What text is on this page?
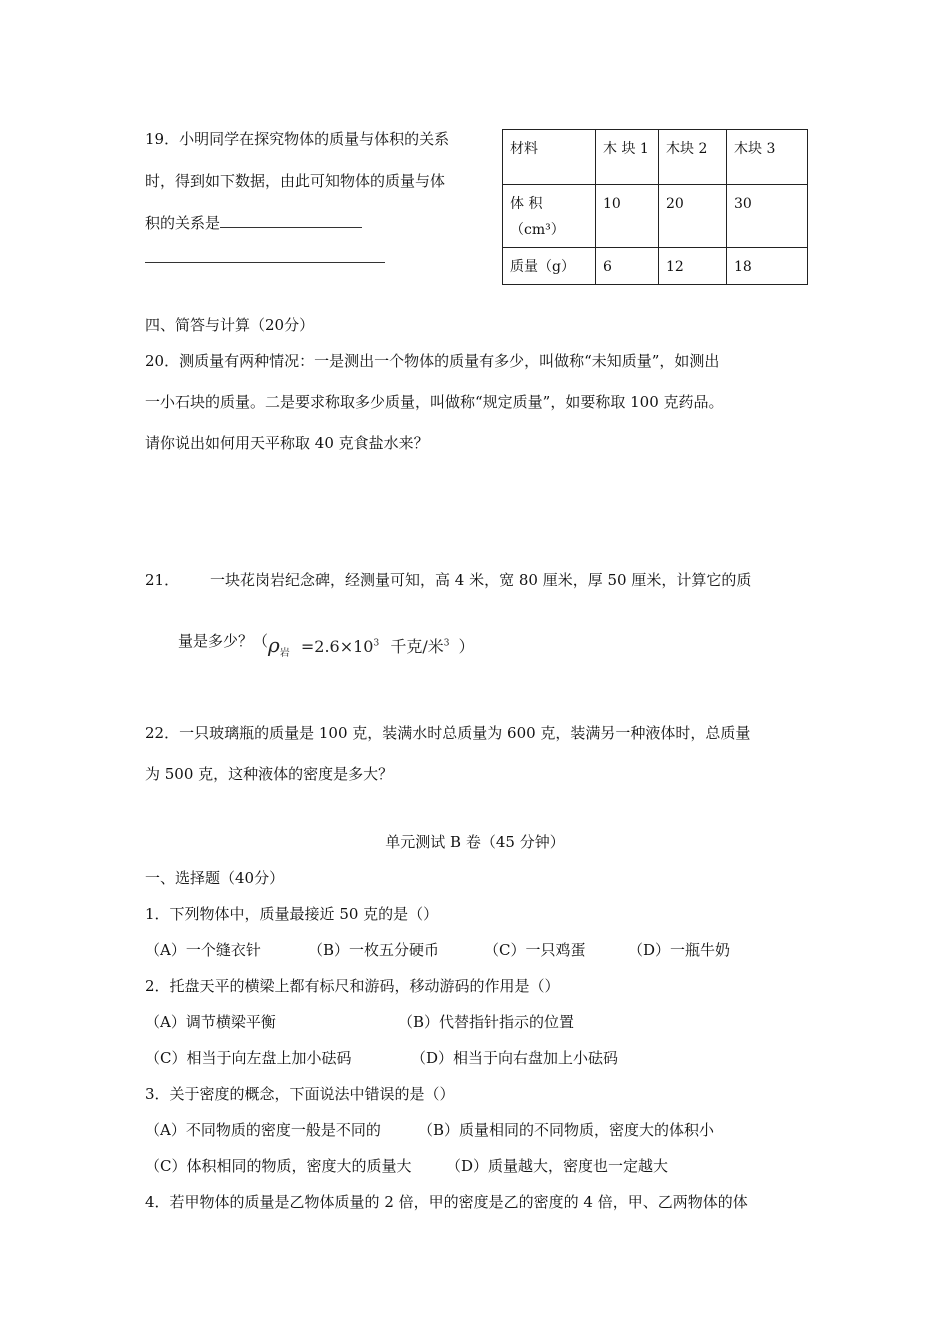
19．小明同学在探究物体的质量与体积的关系
时，得到如下数据，由此可知物体的质量与体
积的关系是
材料	木 块 1	木块 2	木块 3
体 积（cm³）	10	20	30
质量（g）	6	12	18
四、简答与计算（20分）
20．测质量有两种情况：一是测出一个物体的质量有多少，叫做称“未知质量”，如测出
一小石块的质量。二是要求称取多少质量，叫做称“规定质量”，如要称取 100 克药品。
请你说出如何用天平称取 40 克食盐水来？
21． 一块花岗岩纪念碑，经测量可知，高 4 米，宽 80 厘米，厚 50 厘米，计算它的质
量是多少？（ $\rho_岩 =2.6\times 10^3$ 千克/米$^3$ ）
22．一只玻璃瓶的质量是 100 克，装满水时总质量为 600 克，装满另一种液体时，总质量
为 500 克，这种液体的密度是多大？
单元测试 B 卷（45 分钟）
一、选择题（40分）
1．下列物体中，质量最接近 50 克的是（）
（A）一个缝衣针	（B）一枚五分硬币	（C）一只鸡蛋	（D）一瓶牛奶
2．托盘天平的横梁上都有标尺和游码，移动游码的作用是（）
（A）调节横梁平衡	（B）代替指针指示的位置
（C）相当于向左盘上加小砝码	（D）相当于向右盘加上小砝码
3．关于密度的概念，下面说法中错误的是（）
（A）不同物质的密度一般是不同的 （B）质量相同的不同物质，密度大的体积小
（C）体积相同的物质，密度大的质量大 （D）质量越大，密度也一定越大
4．若甲物体的质量是乙物体质量的 2 倍，甲的密度是乙的密度的 4 倍，甲、乙两物体的体
